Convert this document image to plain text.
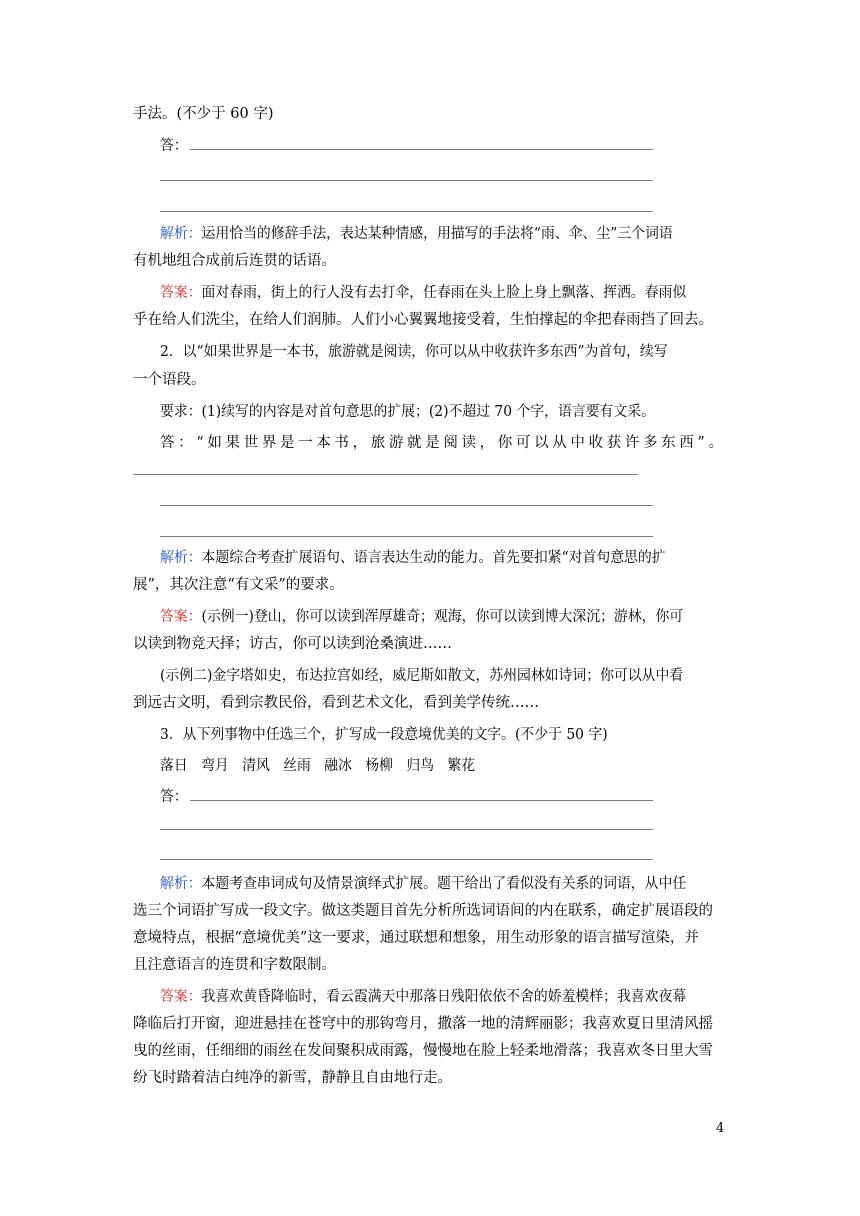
手法。(不少于 60 字)
答：
解析：运用恰当的修辞手法，表达某种情感，用描写的手法将“雨、伞、尘”三个词语
有机地组合成前后连贯的话语。
答案：面对春雨，街上的行人没有去打伞，任春雨在头上脸上身上飘落、挥洒。春雨似
乎在给人们洗尘，在给人们润肺。人们小心翼翼地接受着，生怕撑起的伞把春雨挡了回去。
2．以“如果世界是一本书，旅游就是阅读，你可以从中收获许多东西”为首句，续写
一个语段。
要求：(1)续写的内容是对首句意思的扩展；(2)不超过 70 个字，语言要有文采。
答：“如果世界是一本书，旅游就是阅读，你可以从中收获许多东西”。
解析：本题综合考查扩展语句、语言表达生动的能力。首先要扣紧“对首句意思的扩
展”，其次注意“有文采”的要求。
答案：(示例一)登山，你可以读到浑厚雄奇；观海，你可以读到博大深沉；游林，你可
以读到物竞天择；访古，你可以读到沧桑演进……
(示例二)金字塔如史，布达拉宫如经，威尼斯如散文，苏州园林如诗词；你可以从中看
到远古文明，看到宗教民俗，看到艺术文化，看到美学传统……
3．从下列事物中任选三个，扩写成一段意境优美的文字。(不少于 50 字)
落日 弯月 清风 丝雨 融冰 杨柳 归鸟 繁花
答：
解析：本题考查串词成句及情景演绎式扩展。题干给出了看似没有关系的词语，从中任
选三个词语扩写成一段文字。做这类题目首先分析所选词语间的内在联系，确定扩展语段的
意境特点，根据“意境优美”这一要求，通过联想和想象，用生动形象的语言描写渲染，并
且注意语言的连贯和字数限制。
答案：我喜欢黄昏降临时，看云霞满天中那落日残阳依依不舍的娇羞模样；我喜欢夜幕
降临后打开窗，迎进悬挂在苍穹中的那钩弯月，撒落一地的清辉丽影；我喜欢夏日里清风摇
曳的丝雨，任细细的雨丝在发间聚积成雨露，慢慢地在脸上轻柔地滑落；我喜欢冬日里大雪
纷飞时踏着洁白纯净的新雪，静静且自由地行走。
4
